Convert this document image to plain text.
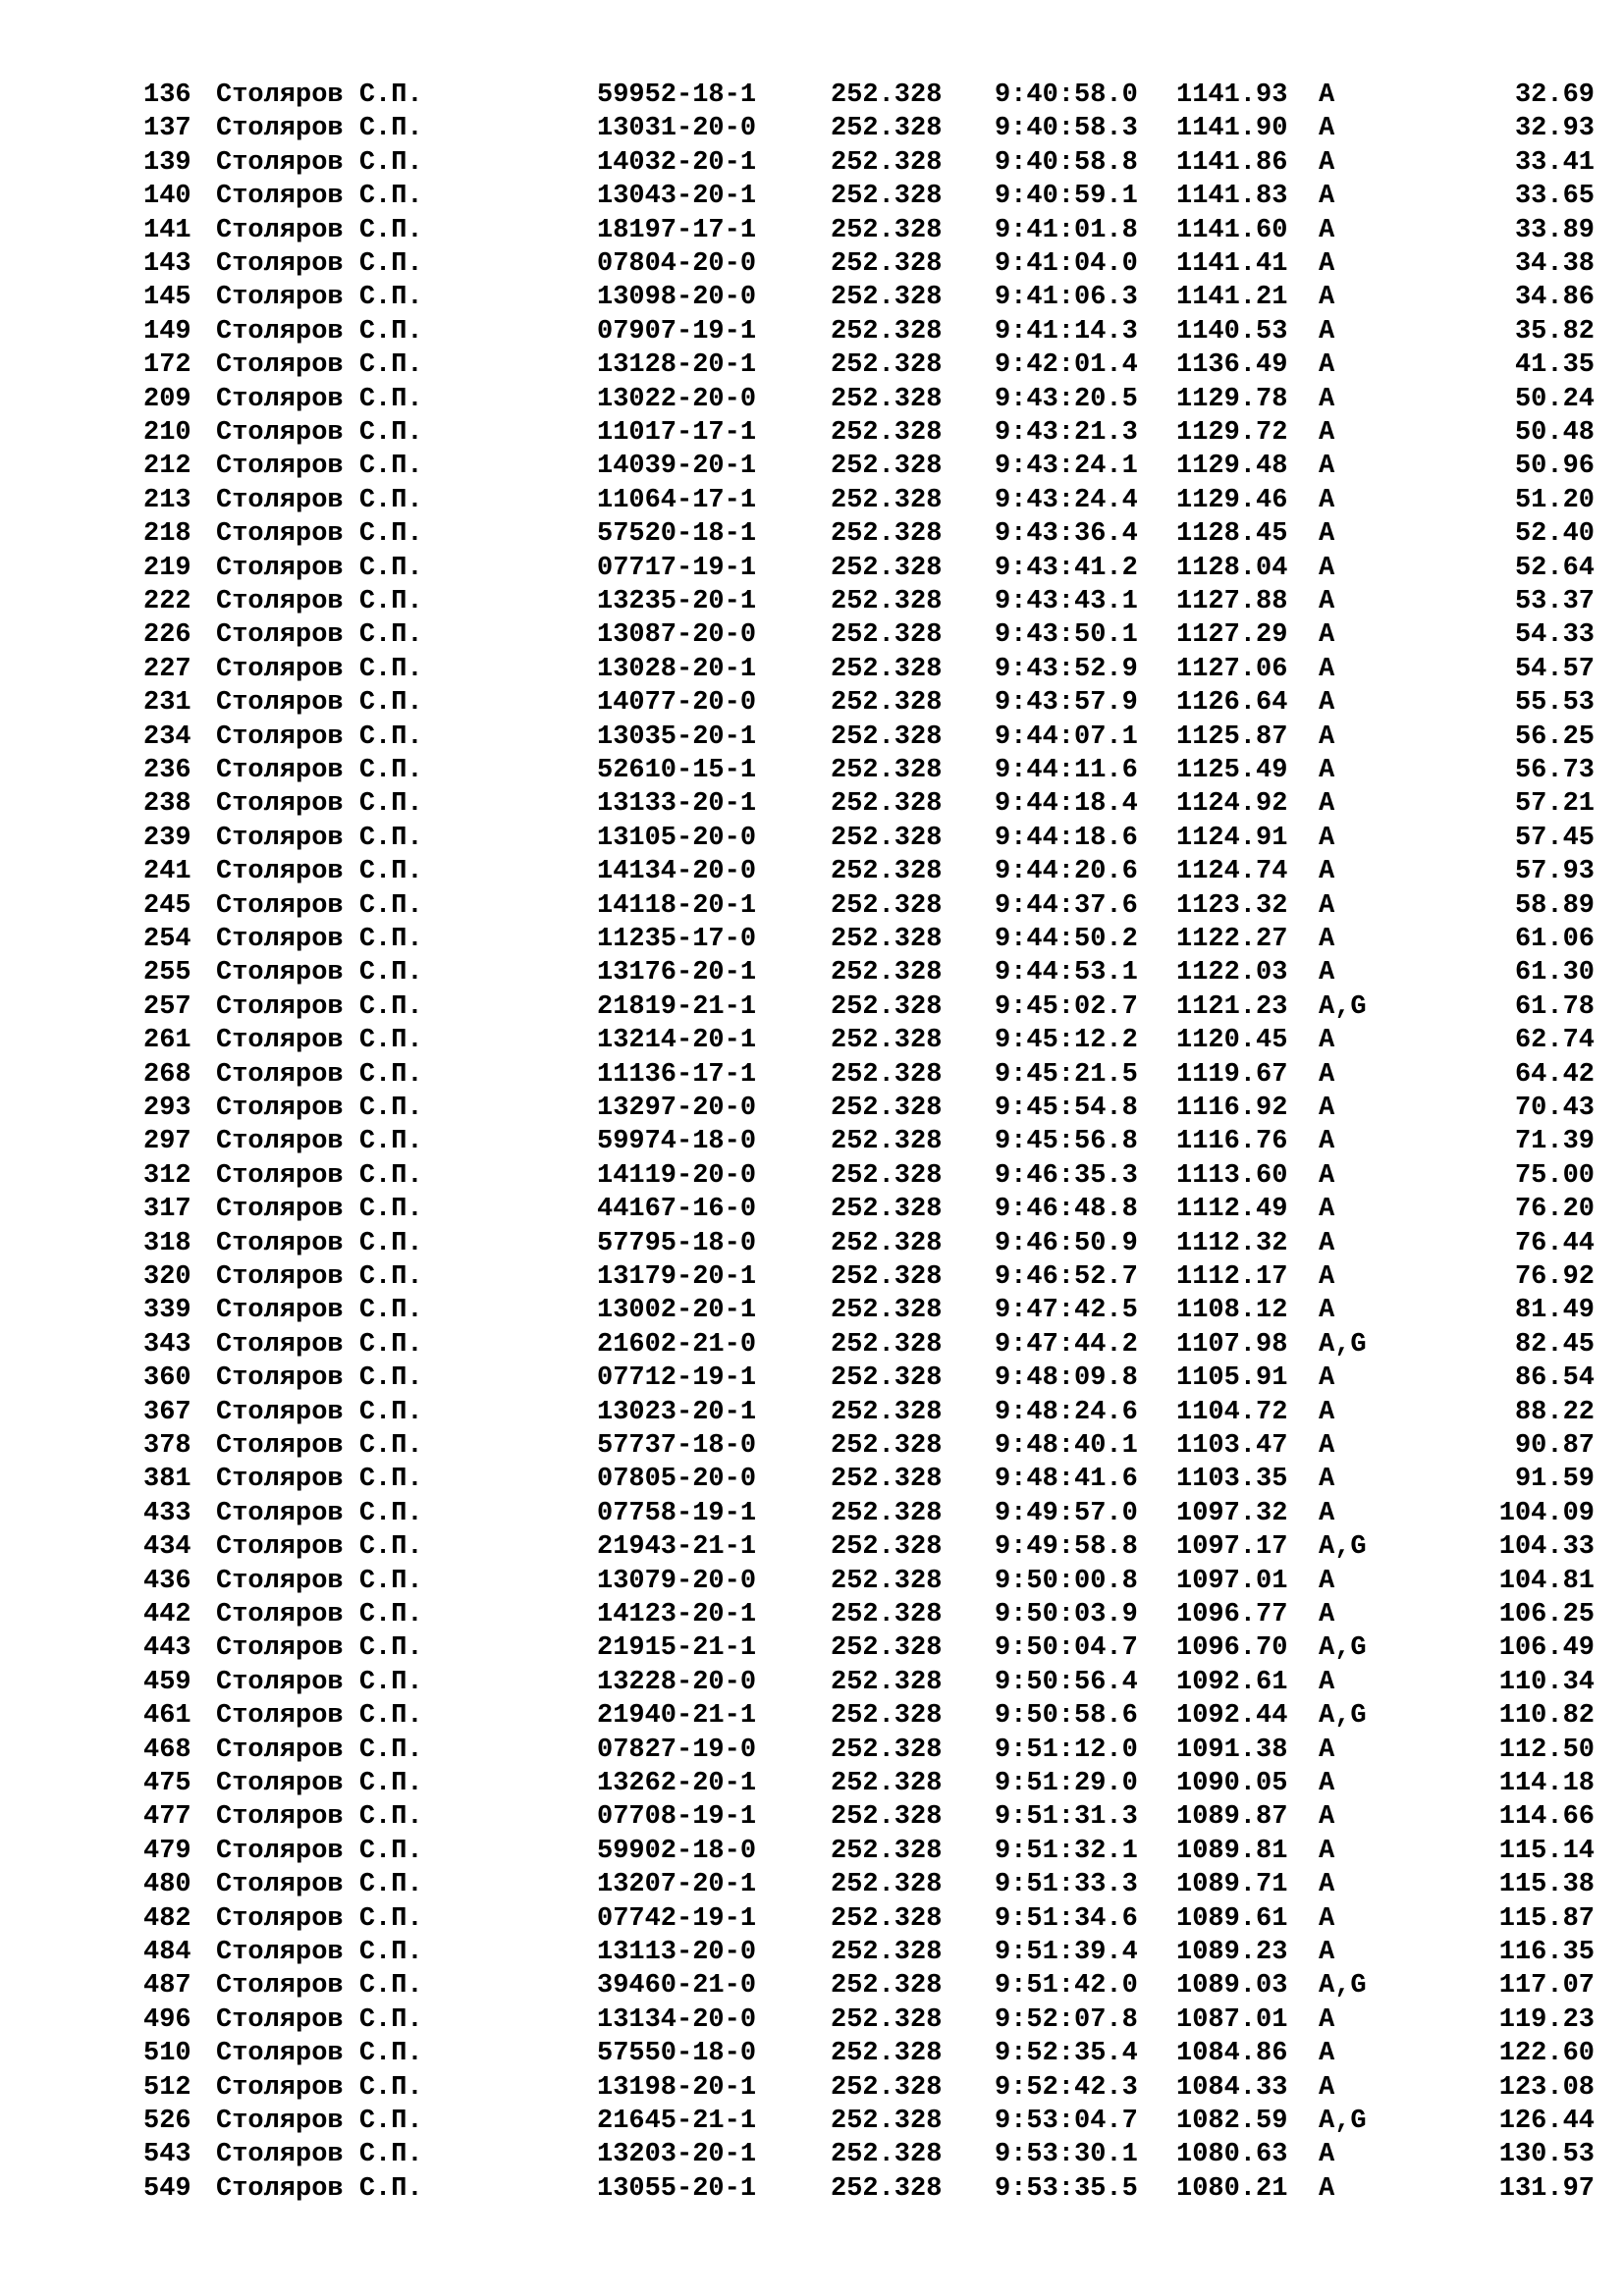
136 Столяров С.П.	59952-18-1	252.328 9:40:58.0 1141.93 A	32.69
137 Столяров С.П.	13031-20-0	252.328 9:40:58.3 1141.90 A	32.93
139 Столяров С.П.	14032-20-1	252.328 9:40:58.8 1141.86 A	33.41
140 Столяров С.П.	13043-20-1	252.328 9:40:59.1 1141.83 A	33.65
141 Столяров С.П.	18197-17-1	252.328 9:41:01.8 1141.60 A	33.89
143 Столяров С.П.	07804-20-0	252.328 9:41:04.0 1141.41 A	34.38
145 Столяров С.П.	13098-20-0	252.328 9:41:06.3 1141.21 A	34.86
149 Столяров С.П.	07907-19-1	252.328 9:41:14.3 1140.53 A	35.82
172 Столяров С.П.	13128-20-1	252.328 9:42:01.4 1136.49 A	41.35
209 Столяров С.П.	13022-20-0	252.328 9:43:20.5 1129.78 A	50.24
210 Столяров С.П.	11017-17-1	252.328 9:43:21.3 1129.72 A	50.48
212 Столяров С.П.	14039-20-1	252.328 9:43:24.1 1129.48 A	50.96
213 Столяров С.П.	11064-17-1	252.328 9:43:24.4 1129.46 A	51.20
218 Столяров С.П.	57520-18-1	252.328 9:43:36.4 1128.45 A	52.40
219 Столяров С.П.	07717-19-1	252.328 9:43:41.2 1128.04 A	52.64
222 Столяров С.П.	13235-20-1	252.328 9:43:43.1 1127.88 A	53.37
226 Столяров С.П.	13087-20-0	252.328 9:43:50.1 1127.29 A	54.33
227 Столяров С.П.	13028-20-1	252.328 9:43:52.9 1127.06 A	54.57
231 Столяров С.П.	14077-20-0	252.328 9:43:57.9 1126.64 A	55.53
234 Столяров С.П.	13035-20-1	252.328 9:44:07.1 1125.87 A	56.25
236 Столяров С.П.	52610-15-1	252.328 9:44:11.6 1125.49 A	56.73
238 Столяров С.П.	13133-20-1	252.328 9:44:18.4 1124.92 A	57.21
239 Столяров С.П.	13105-20-0	252.328 9:44:18.6 1124.91 A	57.45
241 Столяров С.П.	14134-20-0	252.328 9:44:20.6 1124.74 A	57.93
245 Столяров С.П.	14118-20-1	252.328 9:44:37.6 1123.32 A	58.89
254 Столяров С.П.	11235-17-0	252.328 9:44:50.2 1122.27 A	61.06
255 Столяров С.П.	13176-20-1	252.328 9:44:53.1 1122.03 A	61.30
257 Столяров С.П.	21819-21-1	252.328 9:45:02.7 1121.23 A,G	61.78
261 Столяров С.П.	13214-20-1	252.328 9:45:12.2 1120.45 A	62.74
268 Столяров С.П.	11136-17-1	252.328 9:45:21.5 1119.67 A	64.42
293 Столяров С.П.	13297-20-0	252.328 9:45:54.8 1116.92 A	70.43
297 Столяров С.П.	59974-18-0	252.328 9:45:56.8 1116.76 A	71.39
312 Столяров С.П.	14119-20-0	252.328 9:46:35.3 1113.60 A	75.00
317 Столяров С.П.	44167-16-0	252.328 9:46:48.8 1112.49 A	76.20
318 Столяров С.П.	57795-18-0	252.328 9:46:50.9 1112.32 A	76.44
320 Столяров С.П.	13179-20-1	252.328 9:46:52.7 1112.17 A	76.92
339 Столяров С.П.	13002-20-1	252.328 9:47:42.5 1108.12 A	81.49
343 Столяров С.П.	21602-21-0	252.328 9:47:44.2 1107.98 A,G	82.45
360 Столяров С.П.	07712-19-1	252.328 9:48:09.8 1105.91 A	86.54
367 Столяров С.П.	13023-20-1	252.328 9:48:24.6 1104.72 A	88.22
378 Столяров С.П.	57737-18-0	252.328 9:48:40.1 1103.47 A	90.87
381 Столяров С.П.	07805-20-0	252.328 9:48:41.6 1103.35 A	91.59
433 Столяров С.П.	07758-19-1	252.328 9:49:57.0 1097.32 A	104.09
434 Столяров С.П.	21943-21-1	252.328 9:49:58.8 1097.17 A,G	104.33
436 Столяров С.П.	13079-20-0	252.328 9:50:00.8 1097.01 A	104.81
442 Столяров С.П.	14123-20-1	252.328 9:50:03.9 1096.77 A	106.25
443 Столяров С.П.	21915-21-1	252.328 9:50:04.7 1096.70 A,G	106.49
459 Столяров С.П.	13228-20-0	252.328 9:50:56.4 1092.61 A	110.34
461 Столяров С.П.	21940-21-1	252.328 9:50:58.6 1092.44 A,G	110.82
468 Столяров С.П.	07827-19-0	252.328 9:51:12.0 1091.38 A	112.50
475 Столяров С.П.	13262-20-1	252.328 9:51:29.0 1090.05 A	114.18
477 Столяров С.П.	07708-19-1	252.328 9:51:31.3 1089.87 A	114.66
479 Столяров С.П.	59902-18-0	252.328 9:51:32.1 1089.81 A	115.14
480 Столяров С.П.	13207-20-1	252.328 9:51:33.3 1089.71 A	115.38
482 Столяров С.П.	07742-19-1	252.328 9:51:34.6 1089.61 A	115.87
484 Столяров С.П.	13113-20-0	252.328 9:51:39.4 1089.23 A	116.35
487 Столяров С.П.	39460-21-0	252.328 9:51:42.0 1089.03 A,G	117.07
496 Столяров С.П.	13134-20-0	252.328 9:52:07.8 1087.01 A	119.23
510 Столяров С.П.	57550-18-0	252.328 9:52:35.4 1084.86 A	122.60
512 Столяров С.П.	13198-20-1	252.328 9:52:42.3 1084.33 A	123.08
526 Столяров С.П.	21645-21-1	252.328 9:53:04.7 1082.59 A,G	126.44
543 Столяров С.П.	13203-20-1	252.328 9:53:30.1 1080.63 A	130.53
549 Столяров С.П.	13055-20-1	252.328 9:53:35.5 1080.21 A	131.97
